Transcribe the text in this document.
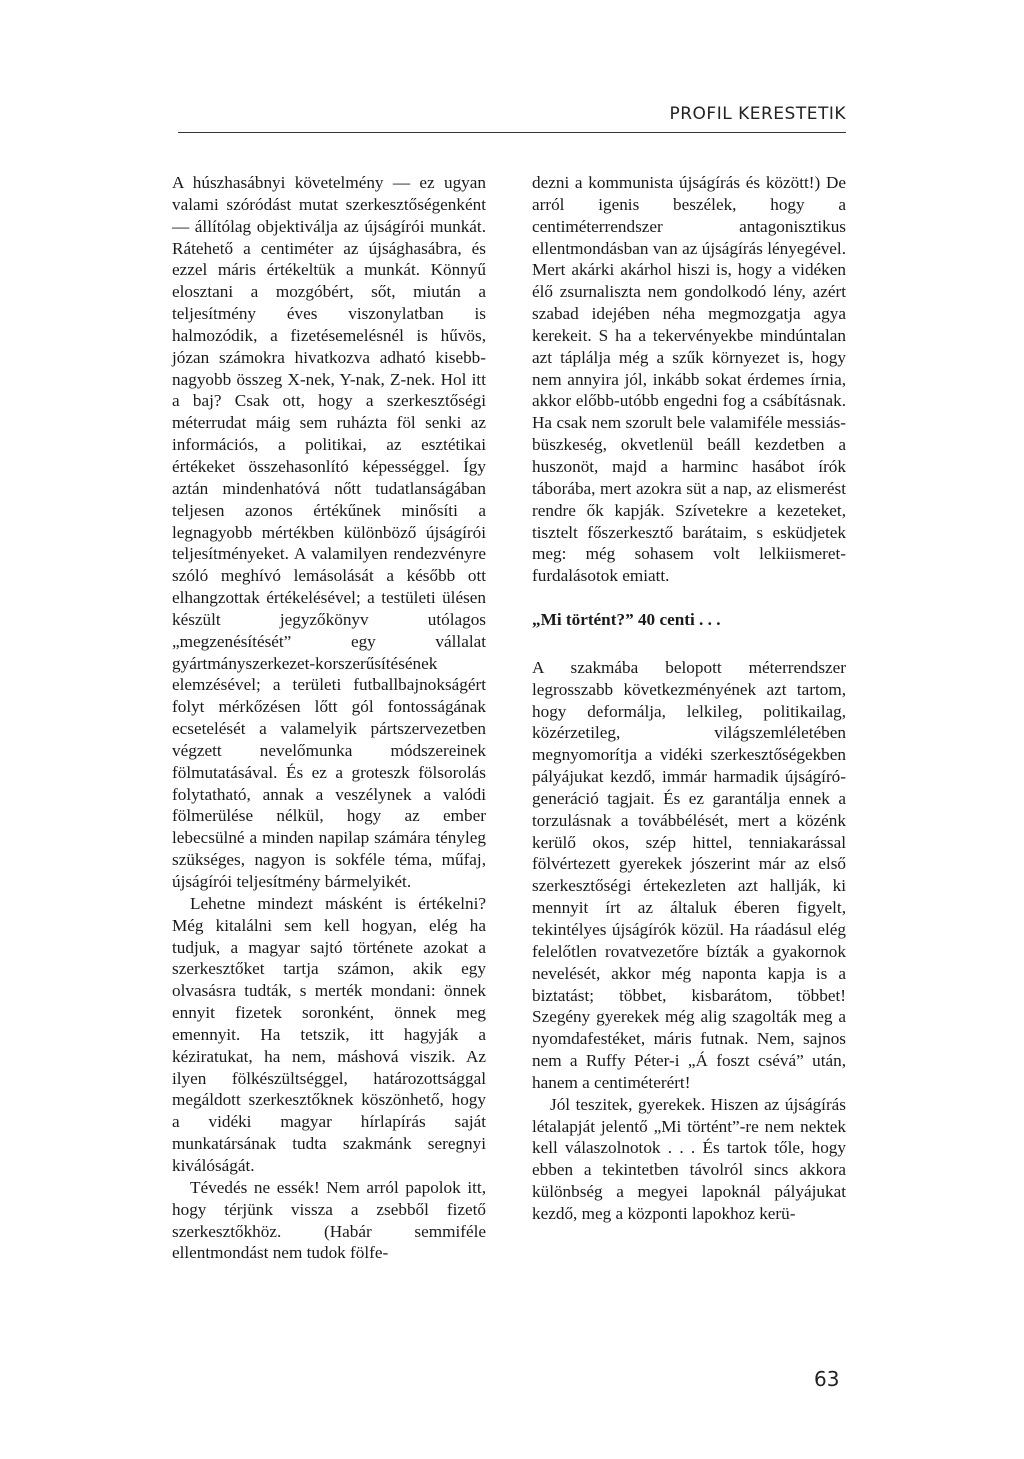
PROFIL KERESTETIK

A húszhasábnyi követelmény — ez ugyan valami szóródást mutat szerkesztőségenként — állítólag objektiválja az újságírói munkát. Rátehető a centiméter az újsághasábra, és ezzel máris értékeltük a munkát. Könnyű elosztani a mozgóbért, sőt, miután a teljesítmény éves viszonylatban is halmozódik, a fizetésemelésnél is hűvös, józan számokra hivatkozva adható kisebb-nagyobb összeg X-nek, Y-nak, Z-nek. Hol itt a baj? Csak ott, hogy a szerkesztőségi méterrudat máig sem ruházta föl senki az információs, a politikai, az esztétikai értékeket összehasonlító képességgel. Így aztán mindenhatóvá nőtt tudatlanságában teljesen azonos értékűnek minősíti a legnagyobb mértékben különböző újságírói teljesítményeket. A valamilyen rendezvényre szóló meghívó lemásolását a később ott elhangzottak értékelésével; a testületi ülésen készült jegyzőkönyv utólagos „megzenésítését” egy vállalat gyártmányszerkezet-korszerűsítésének elemzésével; a területi futballbajnokságért folyt mérkőzésen lőtt gól fontosságának ecsetelését a valamelyik pártszervezetben végzett nevelőmunka módszereinek fölmutatásával. És ez a groteszk fölsorolás folytatható, annak a veszélynek a valódi fölmerülése nélkül, hogy az ember lebecsülné a minden napilap számára tényleg szükséges, nagyon is sokféle téma, műfaj, újságírói teljesítmény bármelyikét.

Lehetne mindezt másként is értékelni? Még kitalálni sem kell hogyan, elég ha tudjuk, a magyar sajtó története azokat a szerkesztőket tartja számon, akik egy olvasásra tudták, s merték mondani: önnek ennyit fizetek soronként, önnek meg emennyit. Ha tetszik, itt hagyják a kéziratukat, ha nem, máshová viszik. Az ilyen fölkészültséggel, határozottsággal megáldott szerkesztőknek köszönhető, hogy a vidéki magyar hírlapírás saját munkatársának tudta szakmánk seregnyi kiválóságát.

Tévedés ne essék! Nem arról papolok itt, hogy térjünk vissza a zsebből fizető szerkesztőkhöz. (Habár semmiféle ellentmondást nem tudok fölfe-

dezni a kommunista újságírás és között!) De arról igenis beszélek, hogy a centiméterrendszer antagonisztikus ellentmondásban van az újságírás lényegével. Mert akárki akárhol hiszi is, hogy a vidéken élő zsurnaliszta nem gondolkodó lény, azért szabad idejében néha megmozgatja agya kerekeit. S ha a tekervényekbe mindúntalan azt táplálja még a szűk környezet is, hogy nem annyira jól, inkább sokat érdemes írnia, akkor előbb-utóbb engedni fog a csábításnak. Ha csak nem szorult bele valamiféle messiás-büszkeség, okvetlenül beáll kezdetben a huszonöt, majd a harminc hasábot írók táborába, mert azokra süt a nap, az elismerést rendre ők kapják. Szívetekre a kezeteket, tisztelt főszerkesztő barátaim, s esküdjetek meg: még sohasem volt lelkiismeret-furdalásotok emiatt.

„Mi történt?” 40 centi . . .

A szakmába belopott méterrendszer legrosszabb következményének azt tartom, hogy deformálja, lelkileg, politikailag, közérzetileg, világszemléletében megnyomorítja a vidéki szerkesztőségekben pályájukat kezdő, immár harmadik újságíró-generáció tagjait. És ez garantálja ennek a torzulásnak a továbbélését, mert a közénk kerülő okos, szép hittel, tenniakarással fölvértezett gyerekek jószerint már az első szerkesztőségi értekezleten azt hallják, ki mennyit írt az általuk éberen figyelt, tekintélyes újságírók közül. Ha ráadásul elég felelőtlen rovatvezetőre bízták a gyakornok nevelését, akkor még naponta kapja is a biztatást; többet, kisbarátom, többet! Szegény gyerekek még alig szagolták meg a nyomdafestéket, máris futnak. Nem, sajnos nem a Ruffy Péter-i „Á foszt csévá” után, hanem a centiméterért!

Jól teszitek, gyerekek. Hiszen az újságírás létalapját jelentő „Mi történt”-re nem nektek kell válaszolnotok . . . És tartok tőle, hogy ebben a tekintetben távolról sincs akkora különbség a megyei lapoknál pályájukat kezdő, meg a központi lapokhoz kerü-

63
